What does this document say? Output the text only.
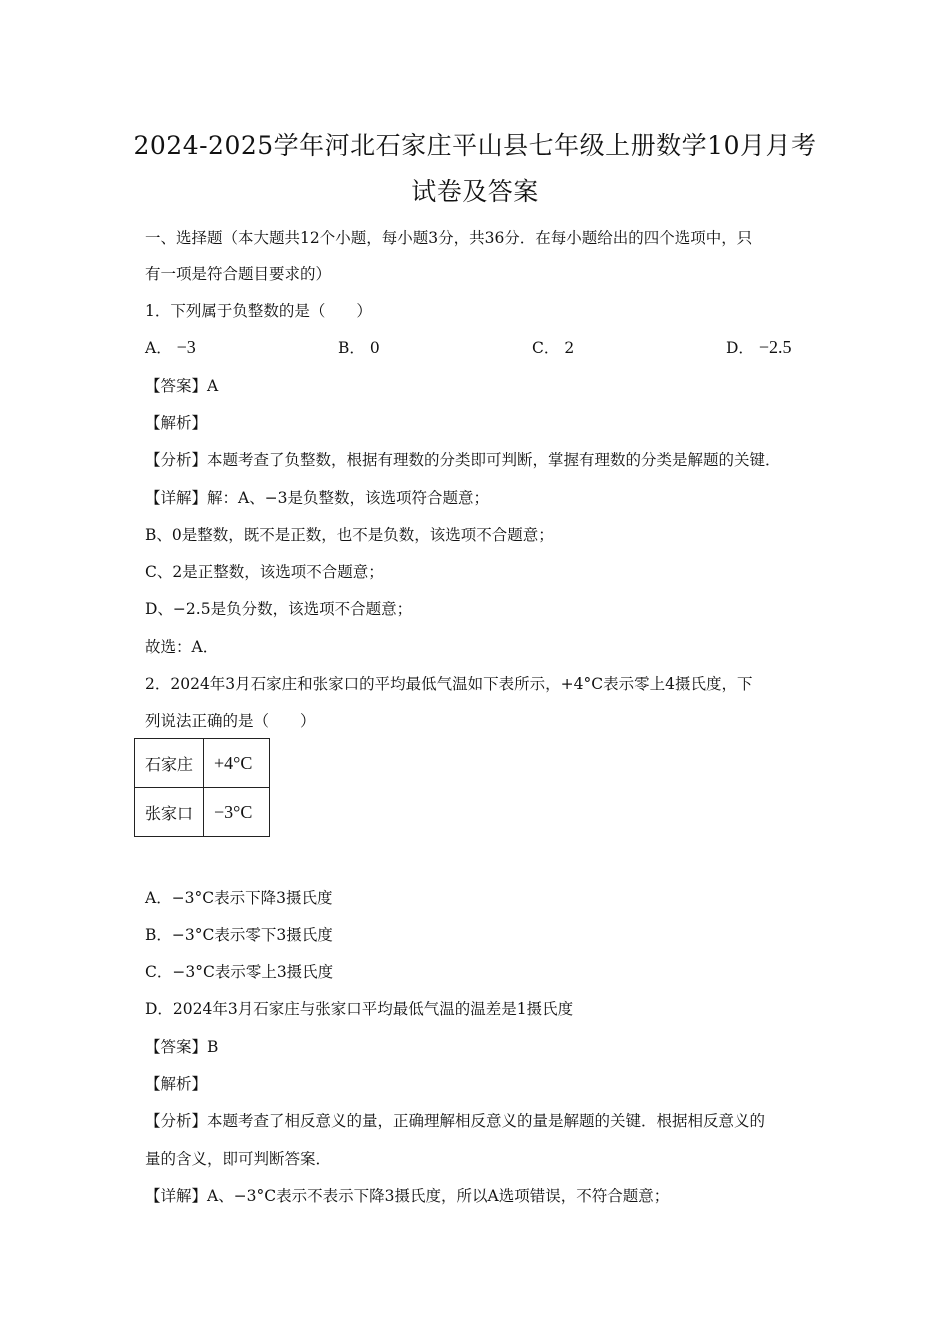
2024-2025学年河北石家庄平山县七年级上册数学10月月考
试卷及答案
一、选择题（本大题共12个小题，每小题3分，共36分．在每小题给出的四个选项中，只
有一项是符合题目要求的）
1．下列属于负整数的是（　　）
A． −3	B． 0	C． 2	D． −2.5
【答案】A
【解析】
【分析】本题考查了负整数，根据有理数的分类即可判断，掌握有理数的分类是解题的关键．
【详解】解：A、−3是负整数，该选项符合题意；
B、0是整数，既不是正数，也不是负数，该选项不合题意；
C、2是正整数，该选项不合题意；
D、−2.5是负分数，该选项不合题意；
故选：A．
2．2024年3月石家庄和张家口的平均最低气温如下表所示，+4°C表示零上4摄氏度，下
列说法正确的是（　　）
石家庄	+4°C
张家口	−3°C
A．−3°C表示下降3摄氏度
B．−3°C表示零下3摄氏度
C．−3°C表示零上3摄氏度
D．2024年3月石家庄与张家口平均最低气温的温差是1摄氏度
【答案】B
【解析】
【分析】本题考查了相反意义的量，正确理解相反意义的量是解题的关键．根据相反意义的
量的含义，即可判断答案．
【详解】A、−3°C表示不表示下降3摄氏度，所以A选项错误，不符合题意；
